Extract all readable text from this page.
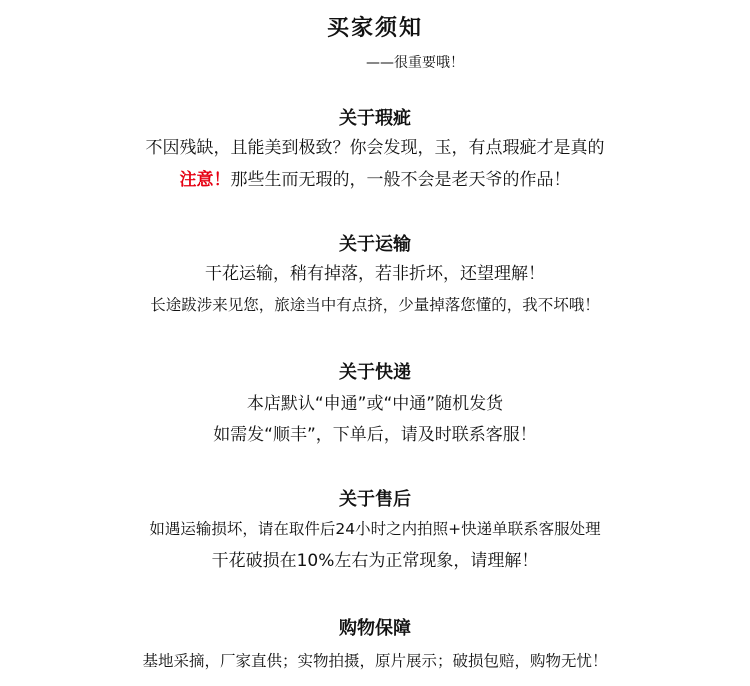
买家须知
——很重要哦！
关于瑕疵
不因残缺，且能美到极致？你会发现，玉，有点瑕疵才是真的
注意！那些生而无瑕的，一般不会是老天爷的作品！
关于运输
干花运输，稍有掉落，若非折坏，还望理解！
长途跋涉来见您，旅途当中有点挤，少量掉落您懂的，我不坏哦！
关于快递
本店默认“申通”或“中通”随机发货
如需发“顺丰”，下单后，请及时联系客服！
关于售后
如遇运输损坏，请在取件后24小时之内拍照+快递单联系客服处理
干花破损在10%左右为正常现象，请理解！
购物保障
基地采摘，厂家直供；实物拍摄，原片展示；破损包赔，购物无忧！
